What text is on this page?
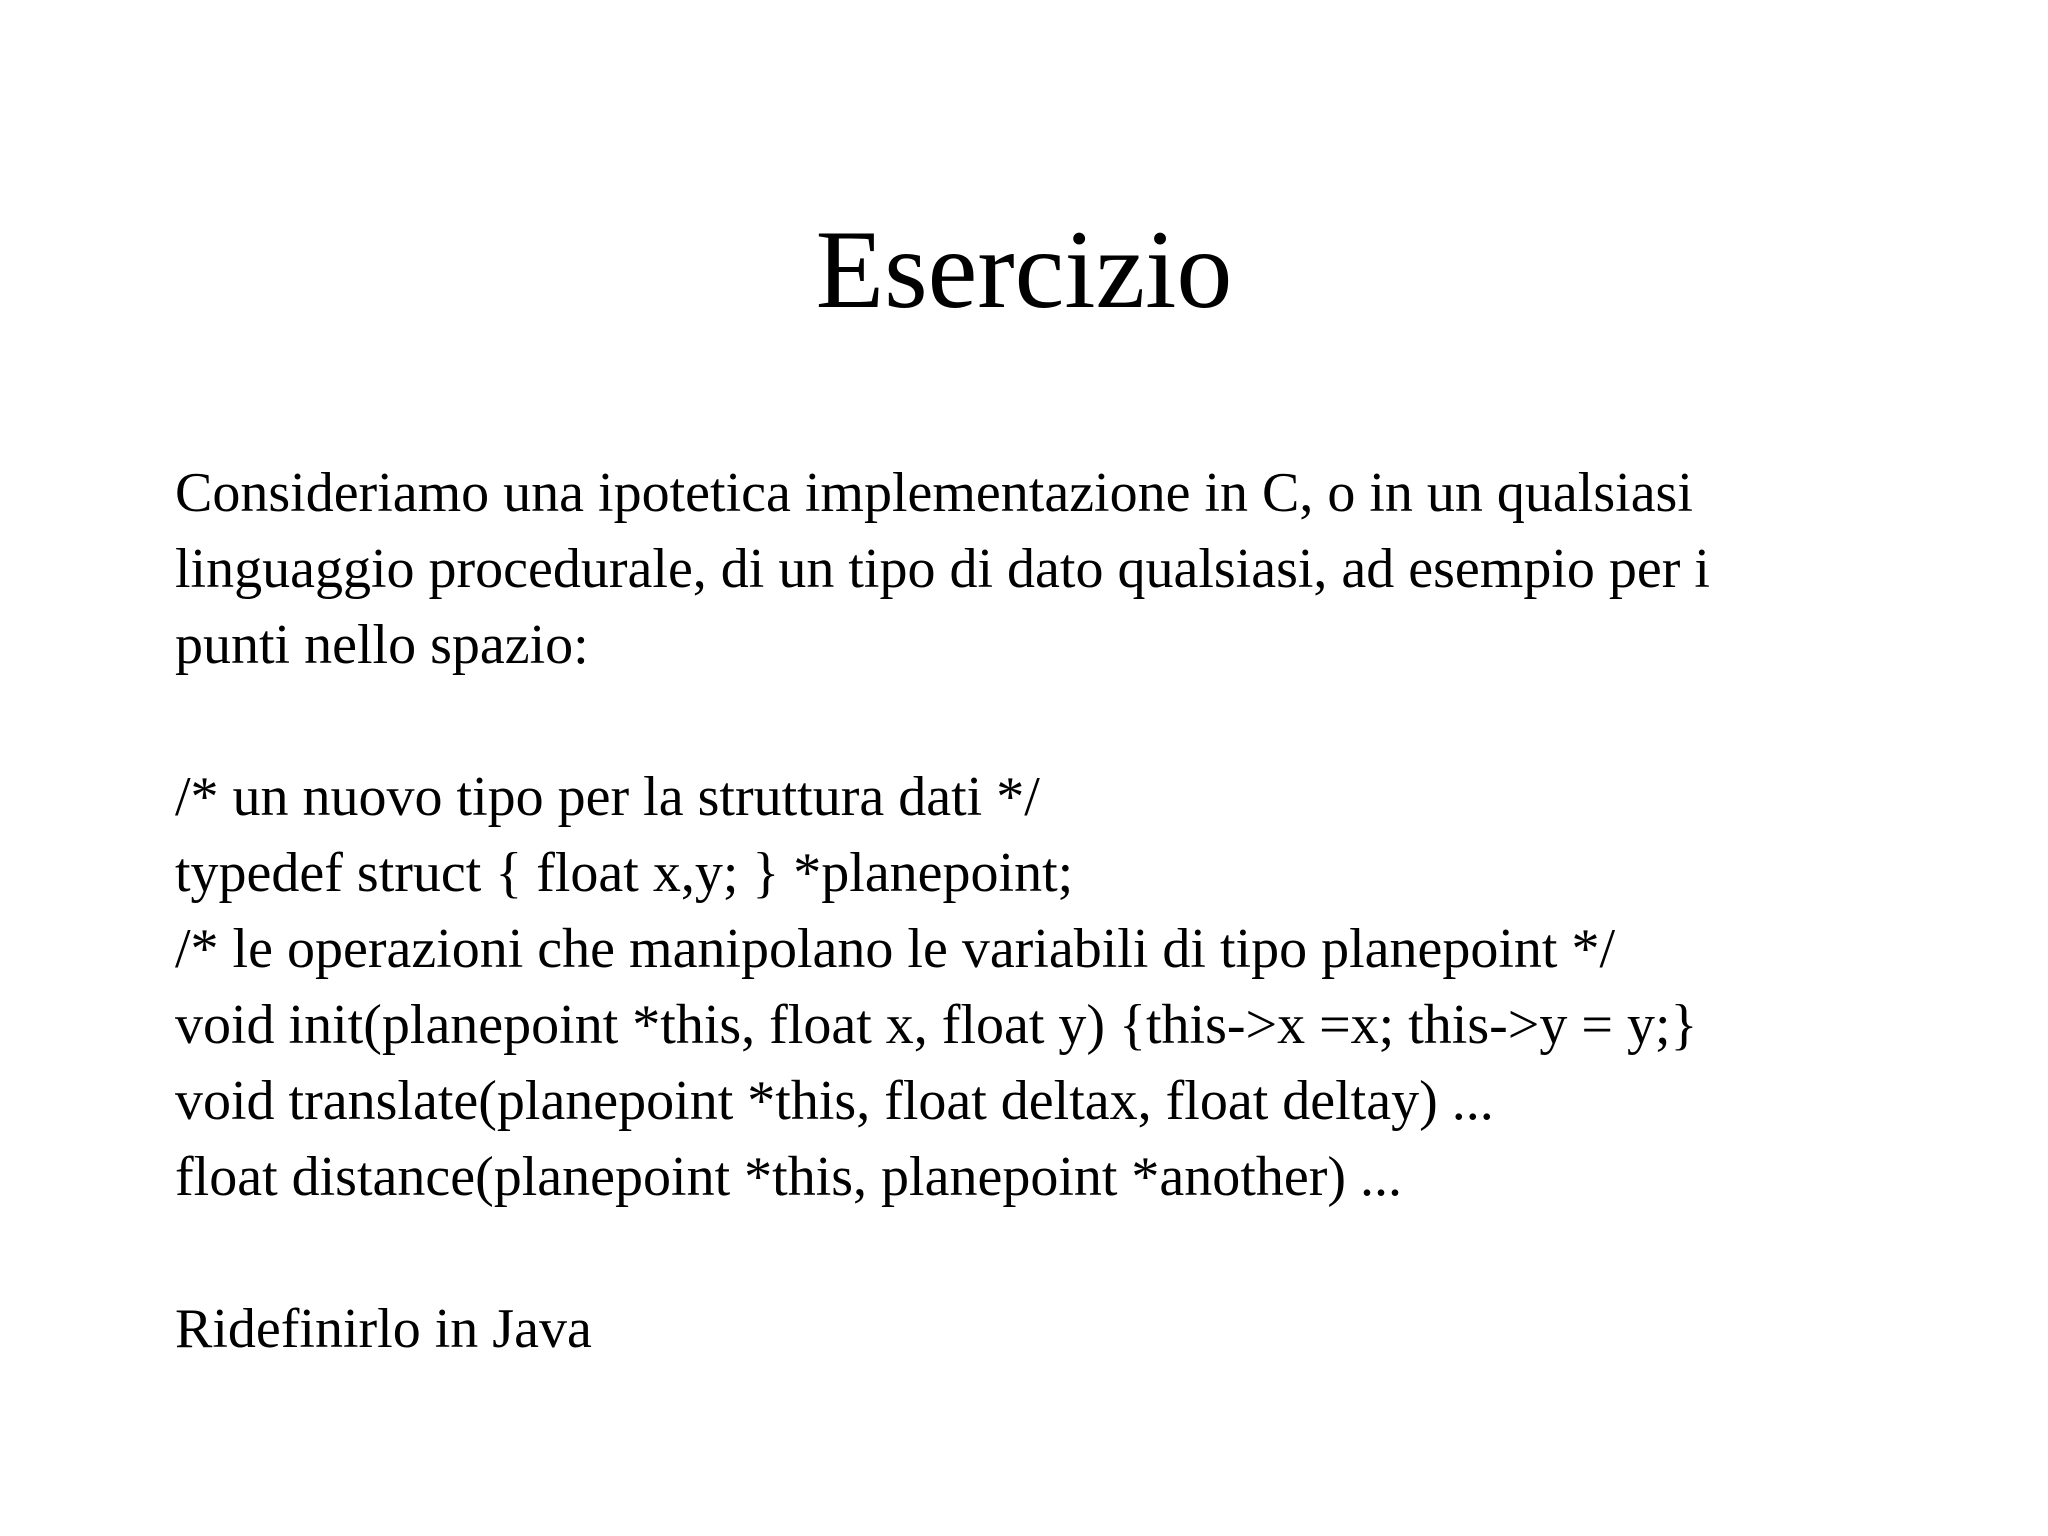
Esercizio
Consideriamo una ipotetica implementazione in C, o in un qualsiasi
linguaggio procedurale, di un tipo di dato qualsiasi, ad esempio per i
punti nello spazio:
/* un nuovo tipo per la struttura dati */
typedef struct { float x,y; } *planepoint;
/* le operazioni che manipolano le variabili di tipo planepoint */
void init(planepoint *this, float x, float y) {this->x =x; this->y = y;}
void translate(planepoint *this, float deltax, float deltay) ...
float distance(planepoint *this, planepoint *another) ...
Ridefinirlo in Java
